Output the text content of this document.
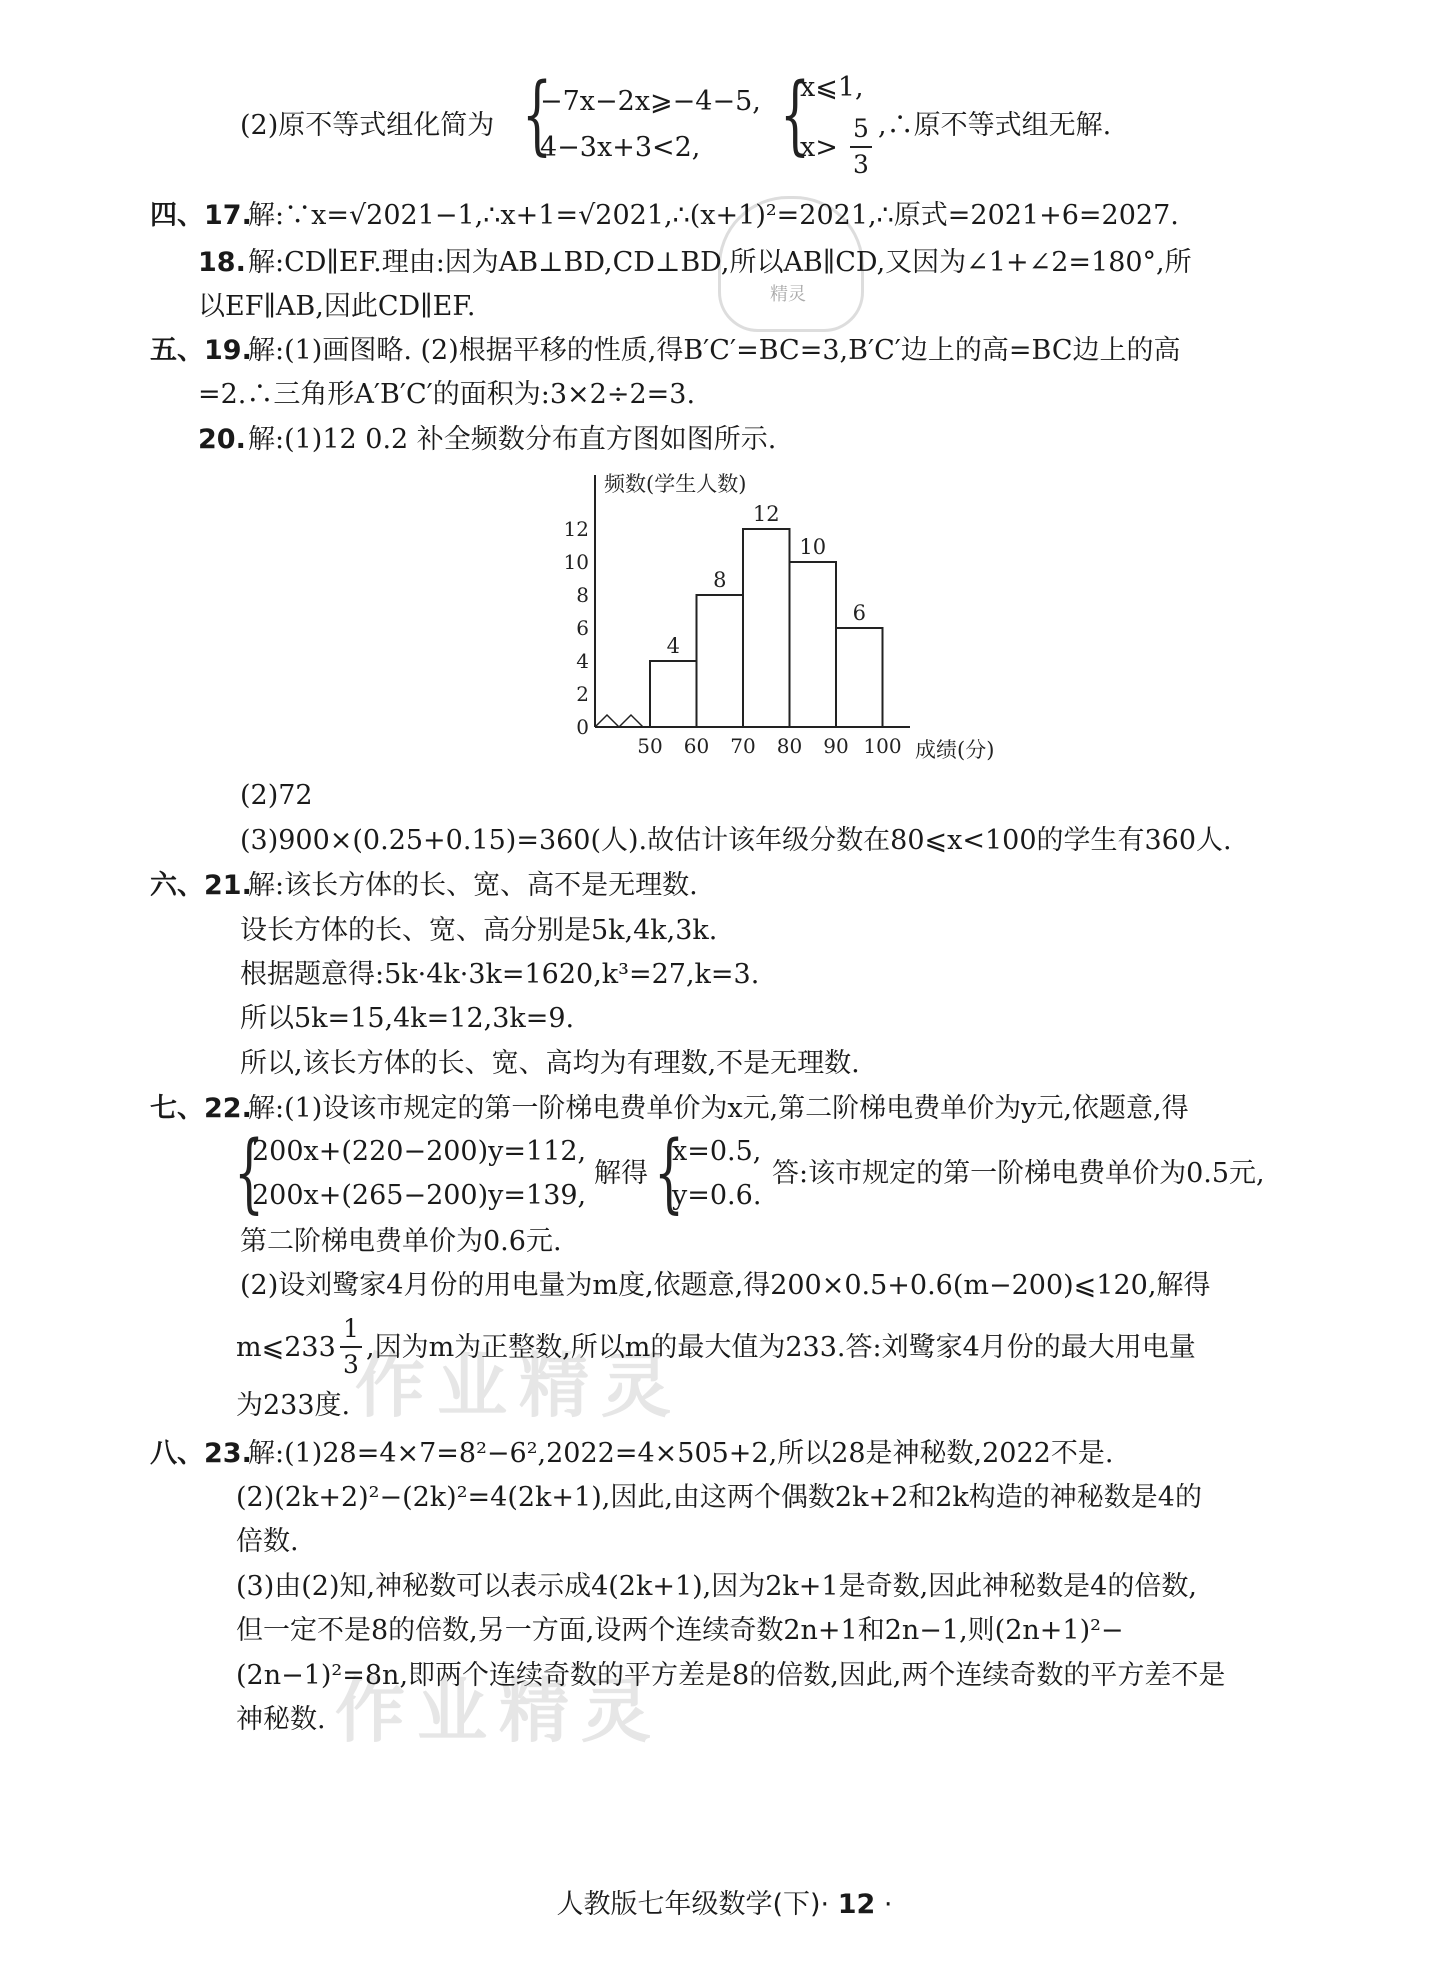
精灵
作业精灵
作业精灵
(2)原不等式组化简为 {
−7x−2x⩾−4−5,
4−3x+3<2, {
x⩽1,
x>
5
3
,∴原不等式组无解.
四、17.
解:∵x=√2021−1,∴x+1=√2021,∴(x+1)²=2021,∴原式=2021+6=2027.
18. 解:CD∥EF.理由:因为AB⊥BD,CD⊥BD,所以AB∥CD,又因为∠1+∠2=180°,所
以EF∥AB,因此CD∥EF.
五、19.
解:(1)画图略. (2)根据平移的性质,得B′C′=BC=3,B′C′边上的高=BC边上的高
=2.∴三角形A′B′C′的面积为:3×2÷2=3.
20. 解:(1)12 0.2 补全频数分布直方图如图所示.
频数(学生人数)
成绩(分)
4
8
12
10
6
0
2
4
6
8
10
12
50 60 70 80 90 100
(2)72
(3)900×(0.25+0.15)=360(人).故估计该年级分数在80⩽x<100的学生有360人.
六、21.
解:该长方体的长、宽、高不是无理数.
设长方体的长、宽、高分别是5k,4k,3k.
根据题意得:5k·4k·3k=1620,k³=27,k=3.
所以5k=15,4k=12,3k=9.
所以,该长方体的长、宽、高均为有理数,不是无理数.
七、22.
解:(1)设该市规定的第一阶梯电费单价为x元,第二阶梯电费单价为y元,依题意,得
{
200x+(220−200)y=112,
200x+(265−200)y=139,
解得 {
x=0.5,
y=0.6.
答:该市规定的第一阶梯电费单价为0.5元,
第二阶梯电费单价为0.6元.
(2)设刘鹭家4月份的用电量为m度,依题意,得200×0.5+0.6(m−200)⩽120,解得
m⩽233
1
3
,因为m为正整数,所以m的最大值为233.答:刘鹭家4月份的最大用电量
为233度.
八、23.
解:(1)28=4×7=8²−6²,2022=4×505+2,所以28是神秘数,2022不是.
(2)(2k+2)²−(2k)²=4(2k+1),因此,由这两个偶数2k+2和2k构造的神秘数是4的
倍数.
(3)由(2)知,神秘数可以表示成4(2k+1),因为2k+1是奇数,因此神秘数是4的倍数,
但一定不是8的倍数,另一方面,设两个连续奇数2n+1和2n−1,则(2n+1)²−
(2n−1)²=8n,即两个连续奇数的平方差是8的倍数,因此,两个连续奇数的平方差不是
神秘数.
人教版七年级数学(下)· 12 ·
